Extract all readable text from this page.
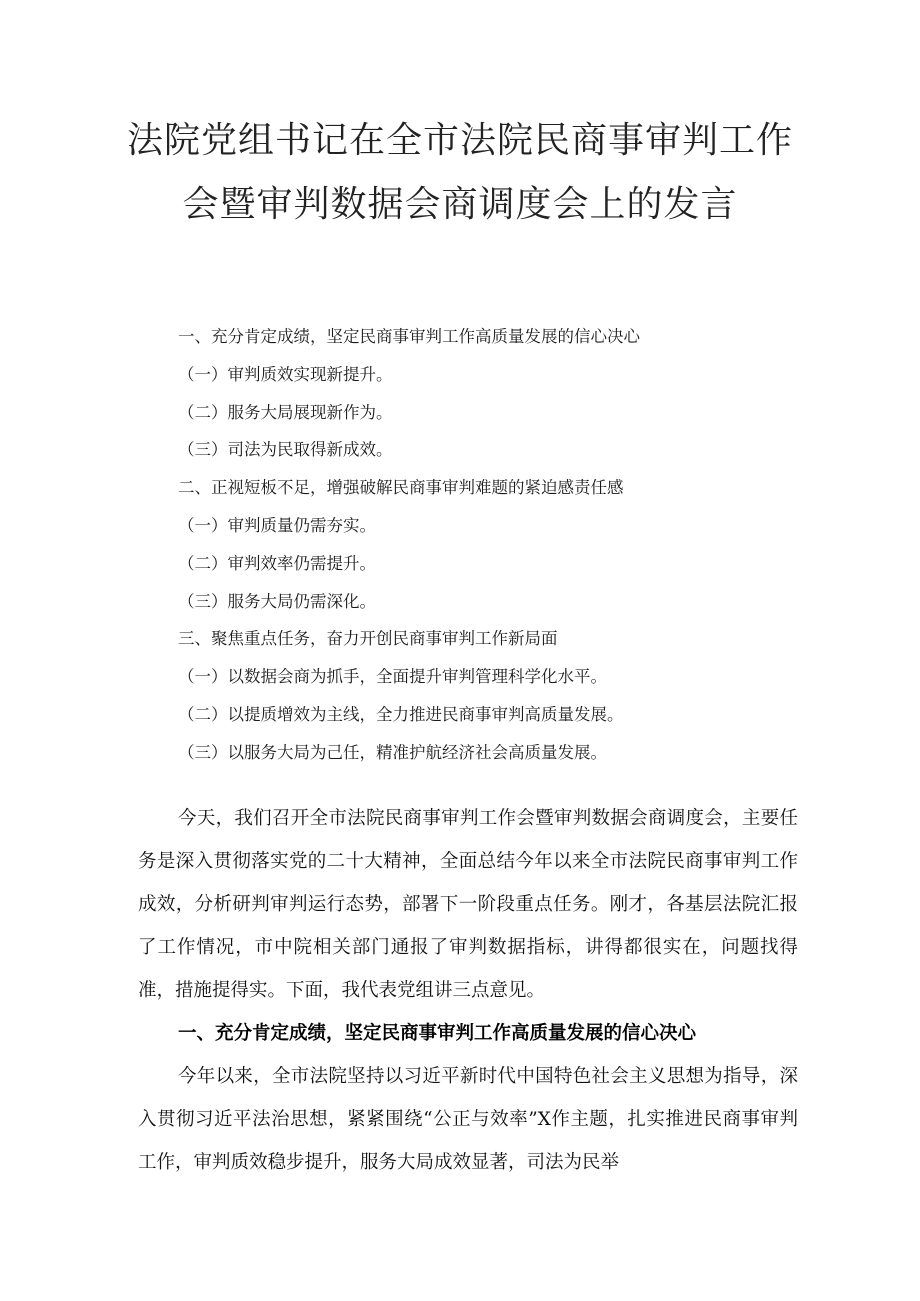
法院党组书记在全市法院民商事审判工作
会暨审判数据会商调度会上的发言
一、充分肯定成绩，坚定民商事审判工作高质量发展的信心决心
（一）审判质效实现新提升。
（二）服务大局展现新作为。
（三）司法为民取得新成效。
二、正视短板不足，增强破解民商事审判难题的紧迫感责任感
（一）审判质量仍需夯实。
（二）审判效率仍需提升。
（三）服务大局仍需深化。
三、聚焦重点任务，奋力开创民商事审判工作新局面
（一）以数据会商为抓手，全面提升审判管理科学化水平。
（二）以提质增效为主线，全力推进民商事审判高质量发展。
（三）以服务大局为己任，精准护航经济社会高质量发展。

今天，我们召开全市法院民商事审判工作会暨审判数据会商调度会，主要任务是深入贯彻落实党的二十大精神，全面总结今年以来全市法院民商事审判工作成效，分析研判审判运行态势，部署下一阶段重点任务。刚才，各基层法院汇报了工作情况，市中院相关部门通报了审判数据指标，讲得都很实在，问题找得准，措施提得实。下面，我代表党组讲三点意见。

一、充分肯定成绩，坚定民商事审判工作高质量发展的信心决心

今年以来，全市法院坚持以习近平新时代中国特色社会主义思想为指导，深入贯彻习近平法治思想，紧紧围绕“公正与效率”X作主题，扎实推进民商事审判工作，审判质效稳步提升，服务大局成效显著，司法为民举
